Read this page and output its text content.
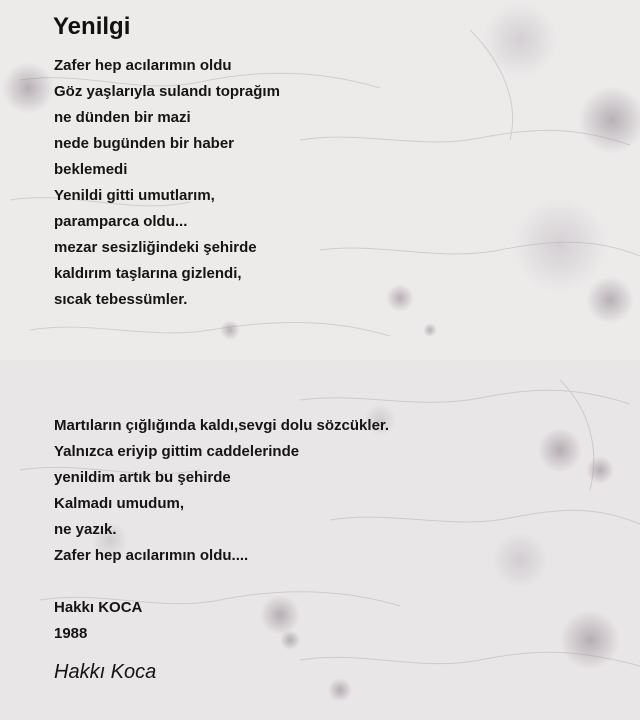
Yenilgi
Zafer hep acılarımın oldu
Göz yaşlarıyla sulandı toprağım
ne dünden bir mazi
nede bugünden bir haber
beklemedi
Yenildi gitti umutlarım,
paramparca oldu...
mezar sesizliğindeki şehirde
kaldırım taşlarına gizlendi,
sıcak tebessümler.
Martıların çığlığında kaldı,sevgi dolu sözcükler.
Yalnızca eriyip gittim caddelerinde
yenildim artık bu şehirde
Kalmadı umudum,
ne yazık.
Zafer hep acılarımın oldu....
Hakkı KOCA
1988

Hakkı Koca
